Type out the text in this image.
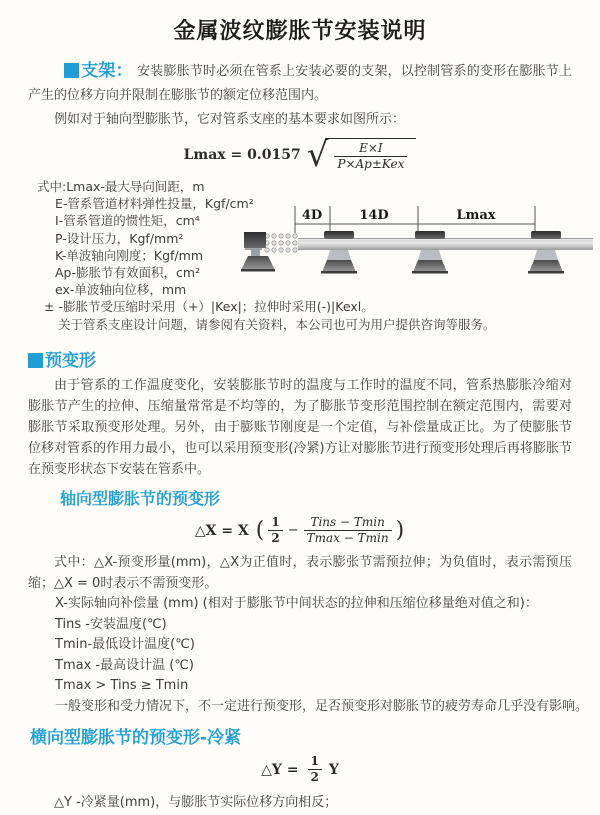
金属波纹膨胀节安装说明

支架： 安装膨胀节时必须在管系上安装必要的支架，以控制管系的变形在膨胀节上产生的位移方向并限制在膨胀节的额定位移范围内。

例如对于轴向型膨胀节，它对管系支座的基本要求如图所示：

Lmax = 0.0157 √ $\frac{E\times I}{\text{P×Ap±Kex}}$
式中:Lmax-最大导向间距，m
E-管系管道材料弹性投量，Kgf/cm²
I-管系管道的惯性矩，cm⁴
P-设计压力，Kgf/mm²
K-单波轴向刚度；Kgf/mm
Ap-膨胀节有效面积，cm²
ex-单波轴向位移，mm
± -膨胀节受压缩时采用（+）|Kex|；拉伸时采用(-)|Kexl。
关于管系支座设计问题，请参阅有关资料，本公司也可为用户提供咨询等服务。
4D	14D	Lmax
预变形

由于管系的工作温度变化，安装膨胀节时的温度与工作时的温度不同，管系热膨胀冷缩对膨胀节产生的拉伸、压缩量常常是不均等的，为了膨胀节变形范围控制在额定范围内，需要对膨胀节采取预变形处理。另外，由于膨账节刚度是一个定值，与补偿量成正比。为了使膨胀节位移对管系的作用力最小，也可以采用预变形(冷紧)方让对膨胀节进行预变形处理后再将膨胀节在预变形状态下安装在管系中。

轴向型膨胀节的预变形
△X = X ( $\frac{1}{2} - \frac{\text{Tins − Tmin}}{Tmax - Tmin}$ )

式中：△X-预变形量(mm)，△X为正值时，表示膨张节需预拉伸；为负值时，表示需预压缩；△X = 0时表示不需预变形。

X-实际轴向补偿量 (mm) (相对于膨胀节中间状态的拉伸和压缩位移量绝对值之和)：
Tins -安装温度(℃)
Tmin-最低设计温度(℃)
Tmax -最高设计温 (℃)
Tmax > Tins ≥ Tmin
一般变形和受力情况下，不一定进行预变形，足否预变形对膨胀节的疲劳寿命几乎没有影响。
横向型膨胀节的预变形-冷紧
△Y = $\frac{1}{2}$ Y

△Y -冷紧量(mm)，与膨胀节实际位移方向相反；
